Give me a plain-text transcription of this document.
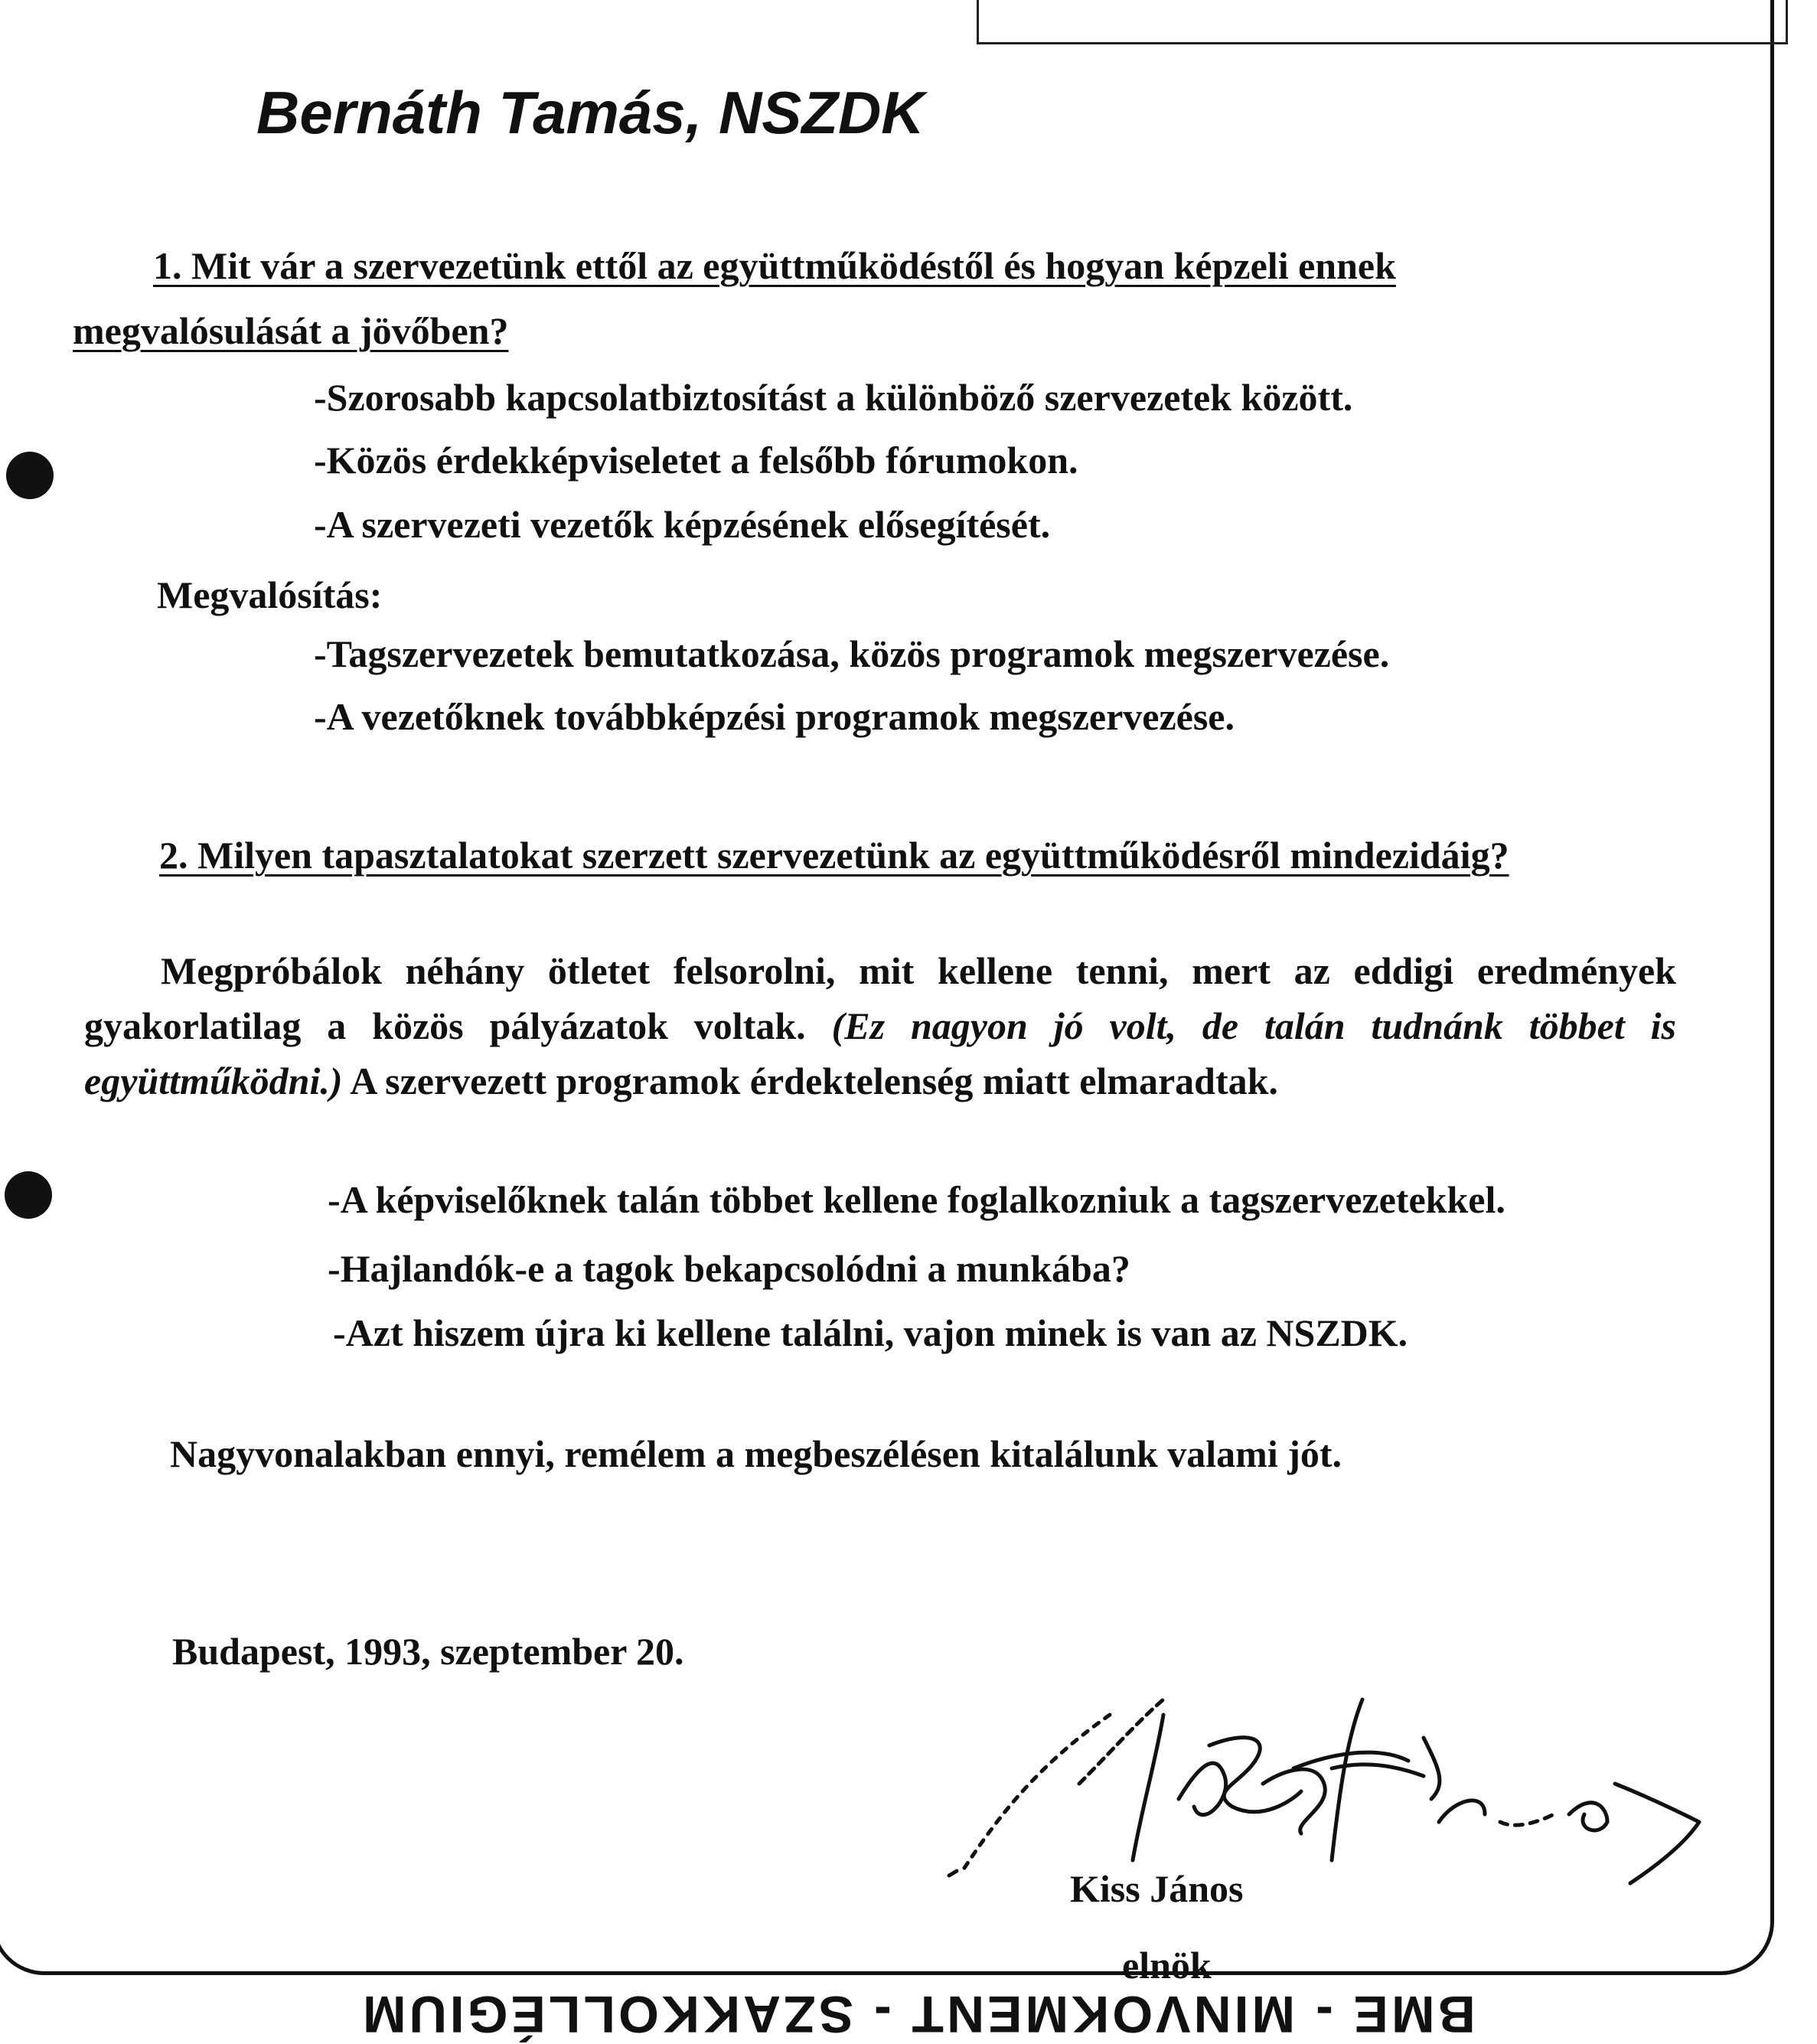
Bernáth Tamás, NSZDK
1. Mit vár a szervezetünk ettől az együttműködéstől és hogyan képzeli ennek
megvalósulását a jövőben?
-Szorosabb kapcsolatbiztosítást a különböző szervezetek között.
-Közös érdekképviseletet a felsőbb fórumokon.
-A szervezeti vezetők képzésének elősegítését.
Megvalósítás:
-Tagszervezetek bemutatkozása, közös programok megszervezése.
-A vezetőknek továbbképzési programok megszervezése.
2. Milyen tapasztalatokat szerzett szervezetünk az együttműködésről mindezidáig?
Megpróbálok néhány ötletet felsorolni, mit kellene tenni, mert az eddigi eredmények gyakorlatilag a közös pályázatok voltak. (Ez nagyon jó volt, de talán tudnánk többet is együttműködni.) A szervezett programok érdektelenség miatt elmaradtak.
-A képviselőknek talán többet kellene foglalkozniuk a tagszervezetekkel.
-Hajlandók-e a tagok bekapcsolódni a munkába?
-Azt hiszem újra ki kellene találni, vajon minek is van az NSZDK.
Nagyvonalakban ennyi, remélem a megbeszélésen kitalálunk valami jót.
Budapest, 1993, szeptember 20.
Kiss János
elnök
BME - MINVOKMENT - SZAKKOLLÉGIUM
